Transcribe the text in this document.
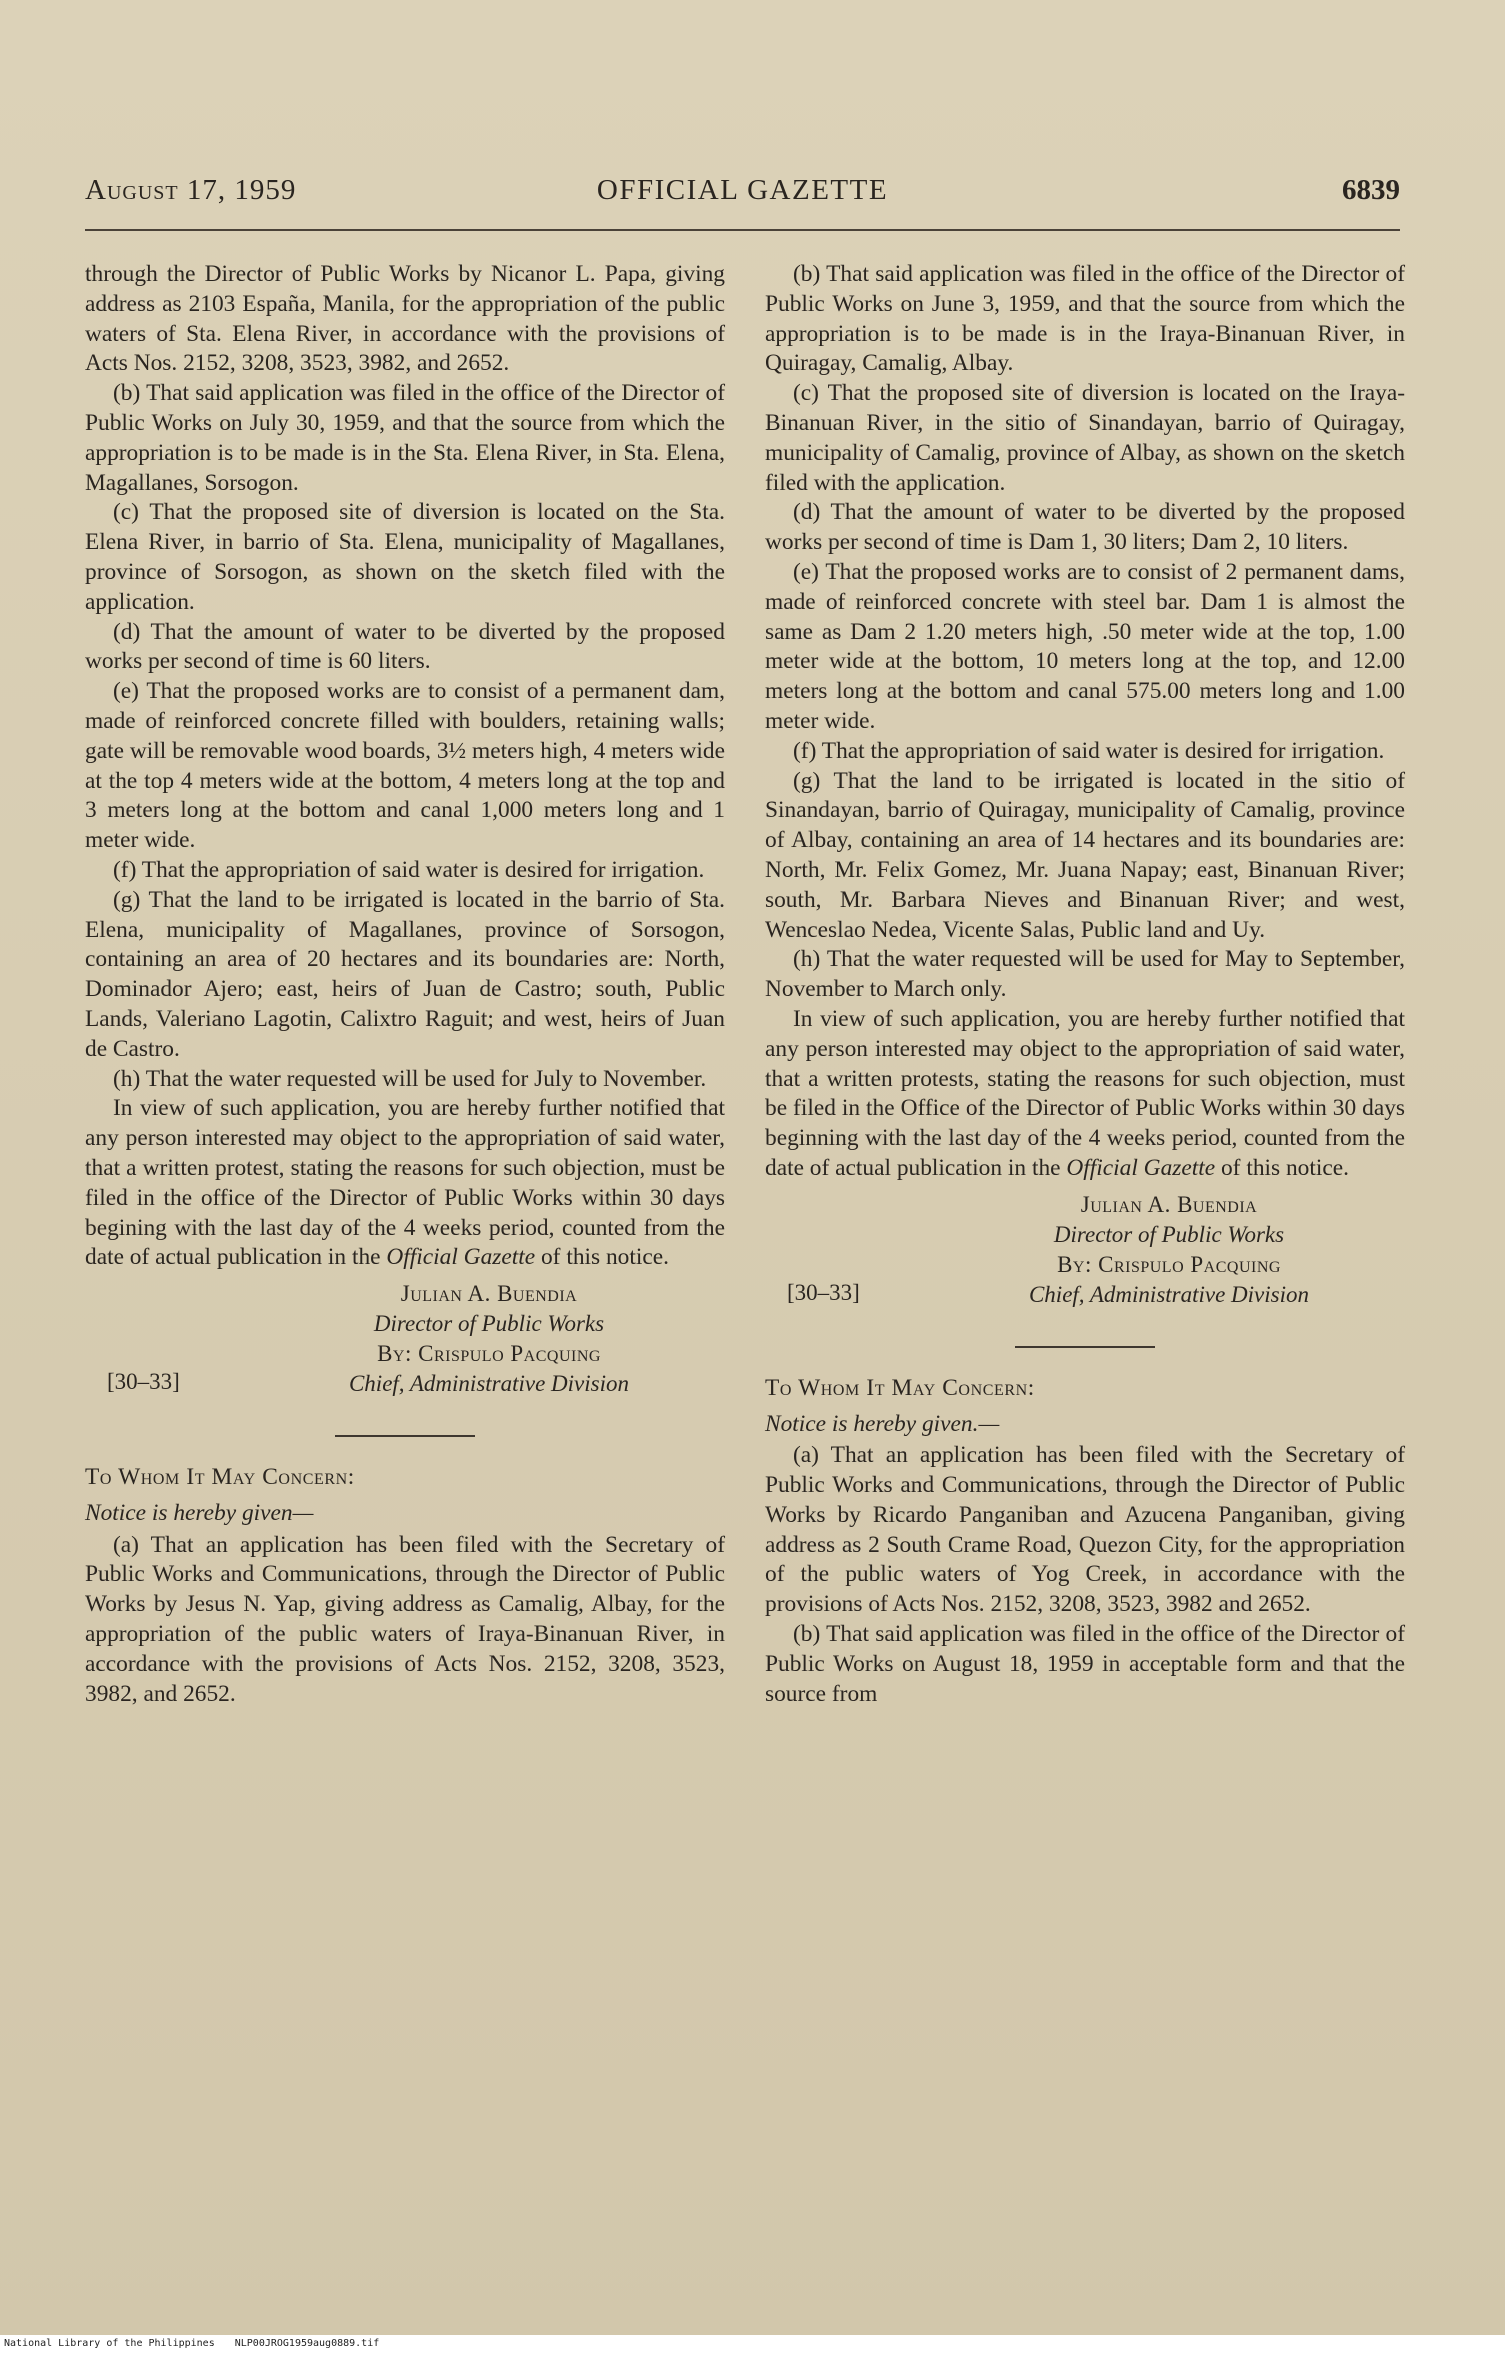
August 17, 1959	OFFICIAL GAZETTE	6839

through the Director of Public Works by Nicanor L. Papa, giving address as 2103 España, Manila, for the appropriation of the public waters of Sta. Elena River, in accordance with the provisions of Acts Nos. 2152, 3208, 3523, 3982, and 2652.

(b) That said application was filed in the office of the Director of Public Works on July 30, 1959, and that the source from which the appropriation is to be made is in the Sta. Elena River, in Sta. Elena, Magallanes, Sorsogon.

(c) That the proposed site of diversion is located on the Sta. Elena River, in barrio of Sta. Elena, municipality of Magallanes, province of Sorsogon, as shown on the sketch filed with the application.

(d) That the amount of water to be diverted by the proposed works per second of time is 60 liters.

(e) That the proposed works are to consist of a permanent dam, made of reinforced concrete filled with boulders, retaining walls; gate will be removable wood boards, 3½ meters high, 4 meters wide at the top 4 meters wide at the bottom, 4 meters long at the top and 3 meters long at the bottom and canal 1,000 meters long and 1 meter wide.

(f) That the appropriation of said water is desired for irrigation.

(g) That the land to be irrigated is located in the barrio of Sta. Elena, municipality of Magallanes, province of Sorsogon, containing an area of 20 hectares and its boundaries are: North, Dominador Ajero; east, heirs of Juan de Castro; south, Public Lands, Valeriano Lagotin, Calixtro Raguit; and west, heirs of Juan de Castro.

(h) That the water requested will be used for July to November.

In view of such application, you are hereby further notified that any person interested may object to the appropriation of said water, that a written protest, stating the reasons for such objection, must be filed in the office of the Director of Public Works within 30 days begining with the last day of the 4 weeks period, counted from the date of actual publication in the Official Gazette of this notice.

Julian A. Buendia

Director of Public Works

By: Crispulo Pacquing

Chief, Administrative Division

[30–33]

To Whom It May Concern:

Notice is hereby given—

(a) That an application has been filed with the Secretary of Public Works and Communications, through the Director of Public Works by Jesus N. Yap, giving address as Camalig, Albay, for the appropriation of the public waters of Iraya-Binanuan River, in accordance with the provisions of Acts Nos. 2152, 3208, 3523, 3982, and 2652.

(b) That said application was filed in the office of the Director of Public Works on June 3, 1959, and that the source from which the appropriation is to be made is in the Iraya-Binanuan River, in Quiragay, Camalig, Albay.

(c) That the proposed site of diversion is located on the Iraya-Binanuan River, in the sitio of Sinandayan, barrio of Quiragay, municipality of Camalig, province of Albay, as shown on the sketch filed with the application.

(d) That the amount of water to be diverted by the proposed works per second of time is Dam 1, 30 liters; Dam 2, 10 liters.

(e) That the proposed works are to consist of 2 permanent dams, made of reinforced concrete with steel bar. Dam 1 is almost the same as Dam 2 1.20 meters high, .50 meter wide at the top, 1.00 meter wide at the bottom, 10 meters long at the top, and 12.00 meters long at the bottom and canal 575.00 meters long and 1.00 meter wide.

(f) That the appropriation of said water is desired for irrigation.

(g) That the land to be irrigated is located in the sitio of Sinandayan, barrio of Quiragay, municipality of Camalig, province of Albay, containing an area of 14 hectares and its boundaries are: North, Mr. Felix Gomez, Mr. Juana Napay; east, Binanuan River; south, Mr. Barbara Nieves and Binanuan River; and west, Wenceslao Nedea, Vicente Salas, Public land and Uy.

(h) That the water requested will be used for May to September, November to March only.

In view of such application, you are hereby further notified that any person interested may object to the appropriation of said water, that a written protests, stating the reasons for such objection, must be filed in the Office of the Director of Public Works within 30 days beginning with the last day of the 4 weeks period, counted from the date of actual publication in the Official Gazette of this notice.

Julian A. Buendia

Director of Public Works

By: Crispulo Pacquing

Chief, Administrative Division

[30–33]

To Whom It May Concern:

Notice is hereby given.—

(a) That an application has been filed with the Secretary of Public Works and Communications, through the Director of Public Works by Ricardo Panganiban and Azucena Panganiban, giving address as 2 South Crame Road, Quezon City, for the appropriation of the public waters of Yog Creek, in accordance with the provisions of Acts Nos. 2152, 3208, 3523, 3982 and 2652.

(b) That said application was filed in the office of the Director of Public Works on August 18, 1959 in acceptable form and that the source from

National Library of the Philippines NLP00JROG1959aug0889.tif
